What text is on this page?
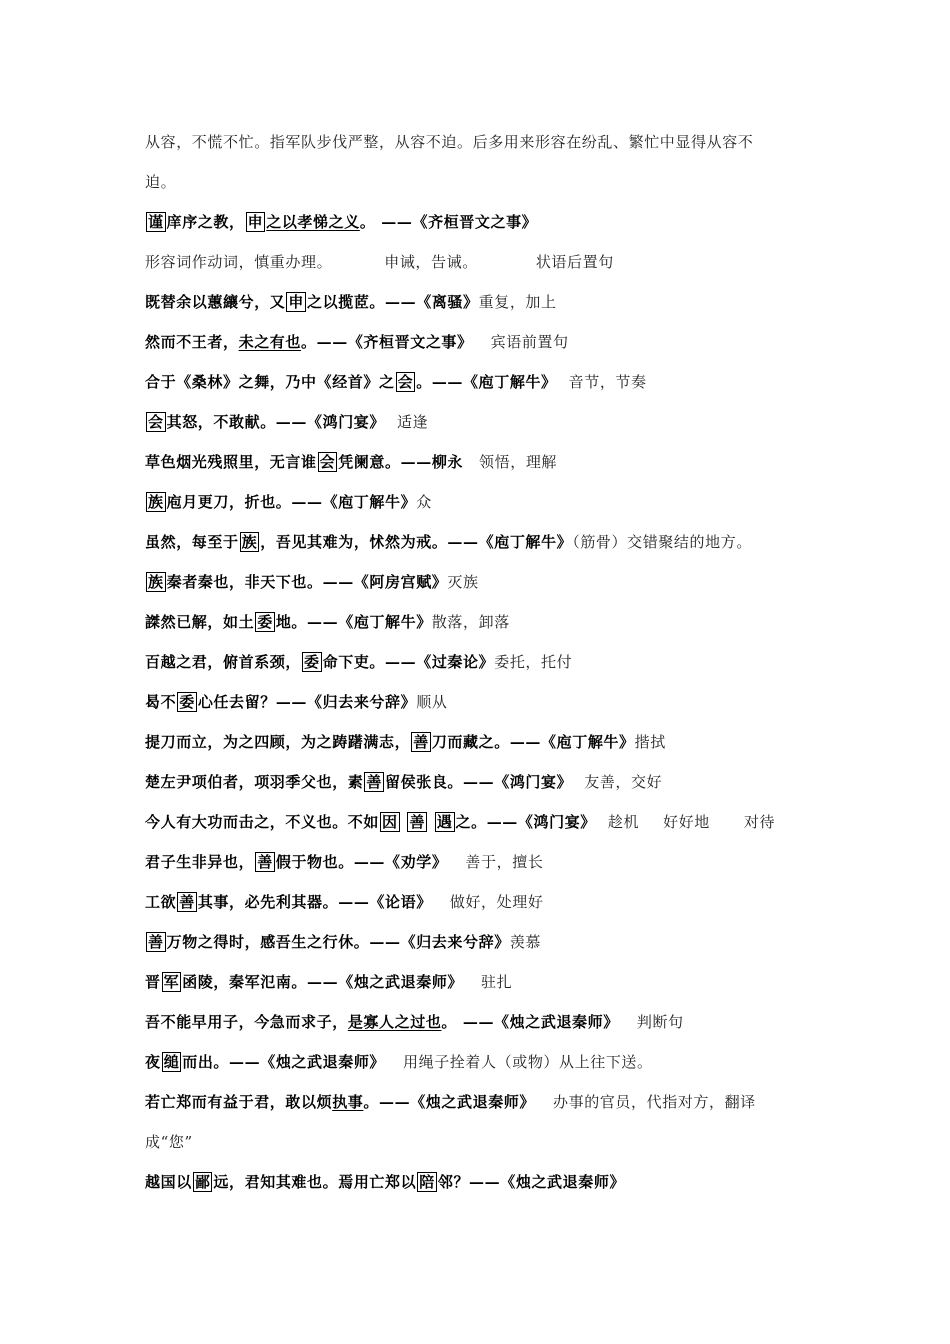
从容，不慌不忙。指军队步伐严整，从容不迫。后多用来形容在纷乱、繁忙中显得从容不
迫。
谨 庠序之教， 申 之以孝悌之义。 ——《齐桓晋文之事》
形容词作动词，慎重办理。	申诫，告诫。	状语后置句
既替余以蕙纕兮，又 申 之以揽茝。——《离骚》重复，加上
然而不王者，未之有也。——《齐桓晋文之事》 宾语前置句
合于《桑林》之舞，乃中《经首》之 会 。——《庖丁解牛》 音节，节奏
会 其怒，不敢献。——《鸿门宴》 适逢
草色烟光残照里，无言谁 会 凭阑意。——柳永 领悟，理解
族 庖月更刀，折也。——《庖丁解牛》众
虽然，每至于 族 ，吾见其难为，怵然为戒。——《庖丁解牛》（筋骨）交错聚结的地方。
族 秦者秦也，非天下也。——《阿房宫赋》灭族
謋然已解，如土 委 地。——《庖丁解牛》散落，卸落
百越之君，俯首系颈， 委 命下吏。——《过秦论》委托，托付
曷不 委 心任去留？——《归去来兮辞》顺从
提刀而立，为之四顾，为之踌躇满志， 善 刀而藏之。——《庖丁解牛》揩拭
楚左尹项伯者，项羽季父也，素 善 留侯张良。——《鸿门宴》 友善，交好
今人有大功而击之，不义也。不如 因 善 遇 之。——《鸿门宴》 趁机 好好地 对待
君子生非异也， 善 假于物也。——《劝学》 善于，擅长
工欲 善 其事，必先利其器。——《论语》 做好，处理好
善 万物之得时，感吾生之行休。——《归去来兮辞》羡慕
晋 军 函陵，秦军氾南。——《烛之武退秦师》 驻扎
吾不能早用子，今急而求子，是寡人之过也。 ——《烛之武退秦师》 判断句
夜 缒 而出。——《烛之武退秦师》 用绳子拴着人（或物）从上往下送。
若亡郑而有益于君，敢以烦执事。——《烛之武退秦师》 办事的官员，代指对方，翻译
成“您”
越国以 鄙 远，君知其难也。焉用亡郑以 陪 邻？——《烛之武退秦师》
